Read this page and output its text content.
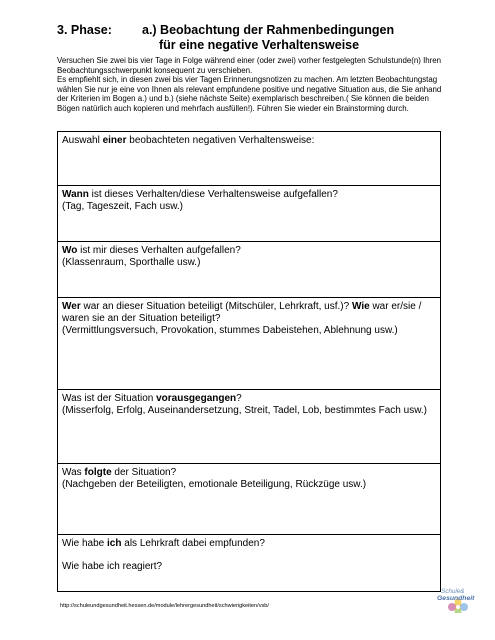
3. Phase: a.) Beobachtung der Rahmenbedingungen
für eine negative Verhaltensweise

Versuchen Sie zwei bis vier Tage in Folge während einer (oder zwei) vorher festgelegten Schulstunde(n) Ihren Beobachtungsschwerpunkt konsequent zu verschieben.

Es empfiehlt sich, in diesen zwei bis vier Tagen Erinnerungsnotizen zu machen. Am letzten Beobachtungstag wählen Sie nur je eine von Ihnen als relevant empfundene positive und negative Situation aus, die Sie anhand der Kriterien im Bogen a.) und b.) (siehe nächste Seite) exemplarisch beschreiben.( Sie können die beiden Bögen natürlich auch kopieren und mehrfach ausfüllen!). Führen Sie wieder ein Brainstorming durch.

Auswahl einer beobachteten negativen Verhaltensweise:

Wann ist dieses Verhalten/diese Verhaltensweise aufgefallen?

(Tag, Tageszeit, Fach usw.)

Wo ist mir dieses Verhalten aufgefallen?

(Klassenraum, Sporthalle usw.)

Wer war an dieser Situation beteiligt (Mitschüler, Lehrkraft, usf.)? Wie war er/sie / waren sie an der Situation beteiligt?

(Vermittlungsversuch, Provokation, stummes Dabeistehen, Ablehnung usw.)

Was ist der Situation vorausgegangen?

(Misserfolg, Erfolg, Auseinandersetzung, Streit, Tadel, Lob, bestimmtes Fach usw.)

Was folgte der Situation?

(Nachgeben der Beteiligten, emotionale Beteiligung, Rückzüge usw.)

Wie habe ich als Lehrkraft dabei empfunden?

Wie habe ich reagiert?

http://schuleundgesundheit.hessen.de/module/lehrergesundheit/schwierigkeiten/vsb/
Schule&
Gesundheit
